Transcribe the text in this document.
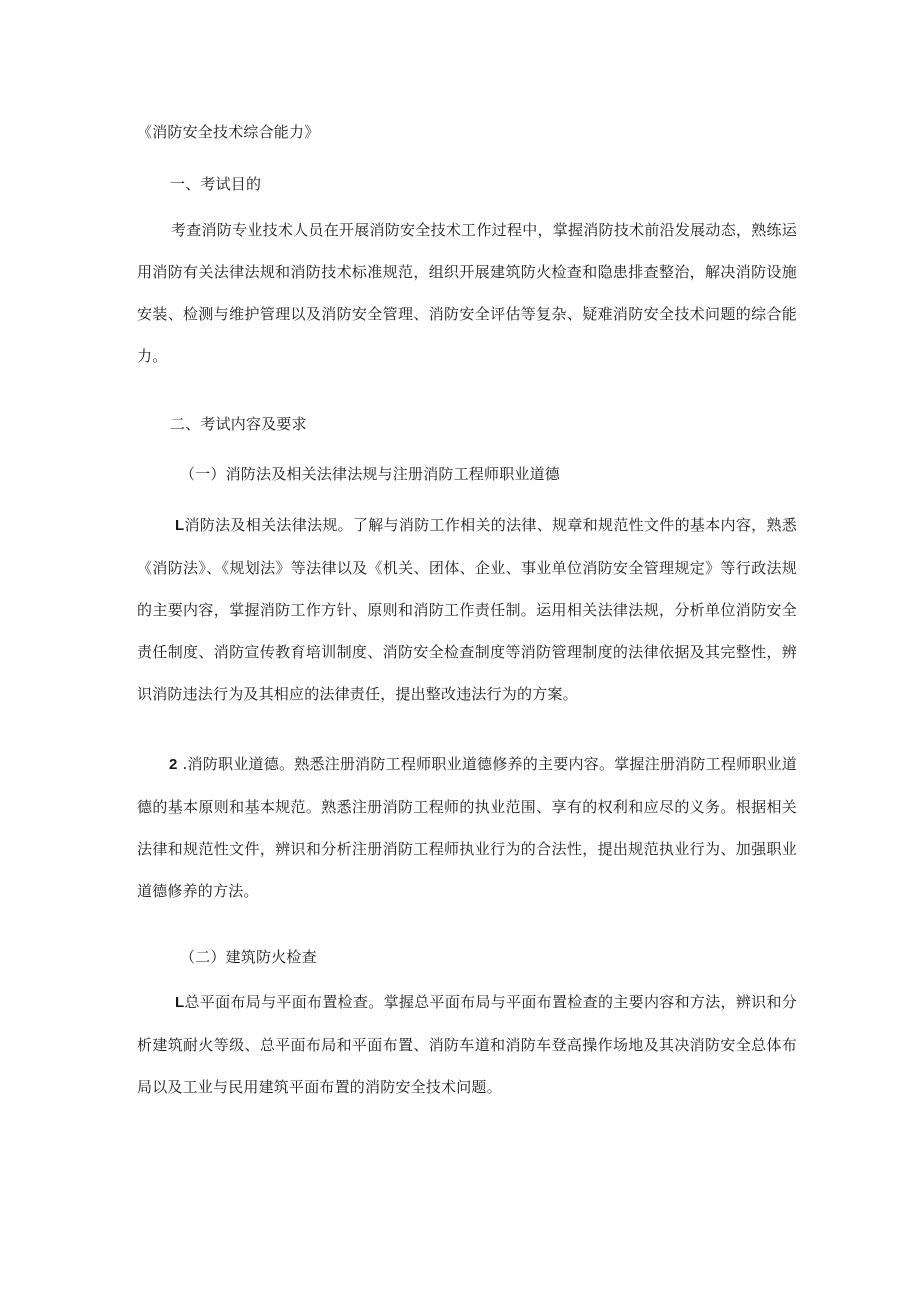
《消防安全技术综合能力》
一、考试目的
考查消防专业技术人员在开展消防安全技术工作过程中，掌握消防技术前沿发展动态，熟练运用消防有关法律法规和消防技术标准规范，组织开展建筑防火检查和隐患排查整治，解决消防设施安装、检测与维护管理以及消防安全管理、消防安全评估等复杂、疑难消防安全技术问题的综合能力。
二、考试内容及要求
（一）消防法及相关法律法规与注册消防工程师职业道德
L消防法及相关法律法规。了解与消防工作相关的法律、规章和规范性文件的基本内容，熟悉《消防法》、《规划法》等法律以及《机关、团体、企业、事业单位消防安全管理规定》等行政法规的主要内容，掌握消防工作方针、原则和消防工作责任制。运用相关法律法规，分析单位消防安全责任制度、消防宣传教育培训制度、消防安全检查制度等消防管理制度的法律依据及其完整性，辨识消防违法行为及其相应的法律责任，提出整改违法行为的方案。
2 .消防职业道德。熟悉注册消防工程师职业道德修养的主要内容。掌握注册消防工程师职业道德的基本原则和基本规范。熟悉注册消防工程师的执业范围、享有的权利和应尽的义务。根据相关法律和规范性文件，辨识和分析注册消防工程师执业行为的合法性，提出规范执业行为、加强职业道德修养的方法。
（二）建筑防火检查
L总平面布局与平面布置检查。掌握总平面布局与平面布置检查的主要内容和方法，辨识和分析建筑耐火等级、总平面布局和平面布置、消防车道和消防车登高操作场地及其决消防安全总体布局以及工业与民用建筑平面布置的消防安全技术问题。
